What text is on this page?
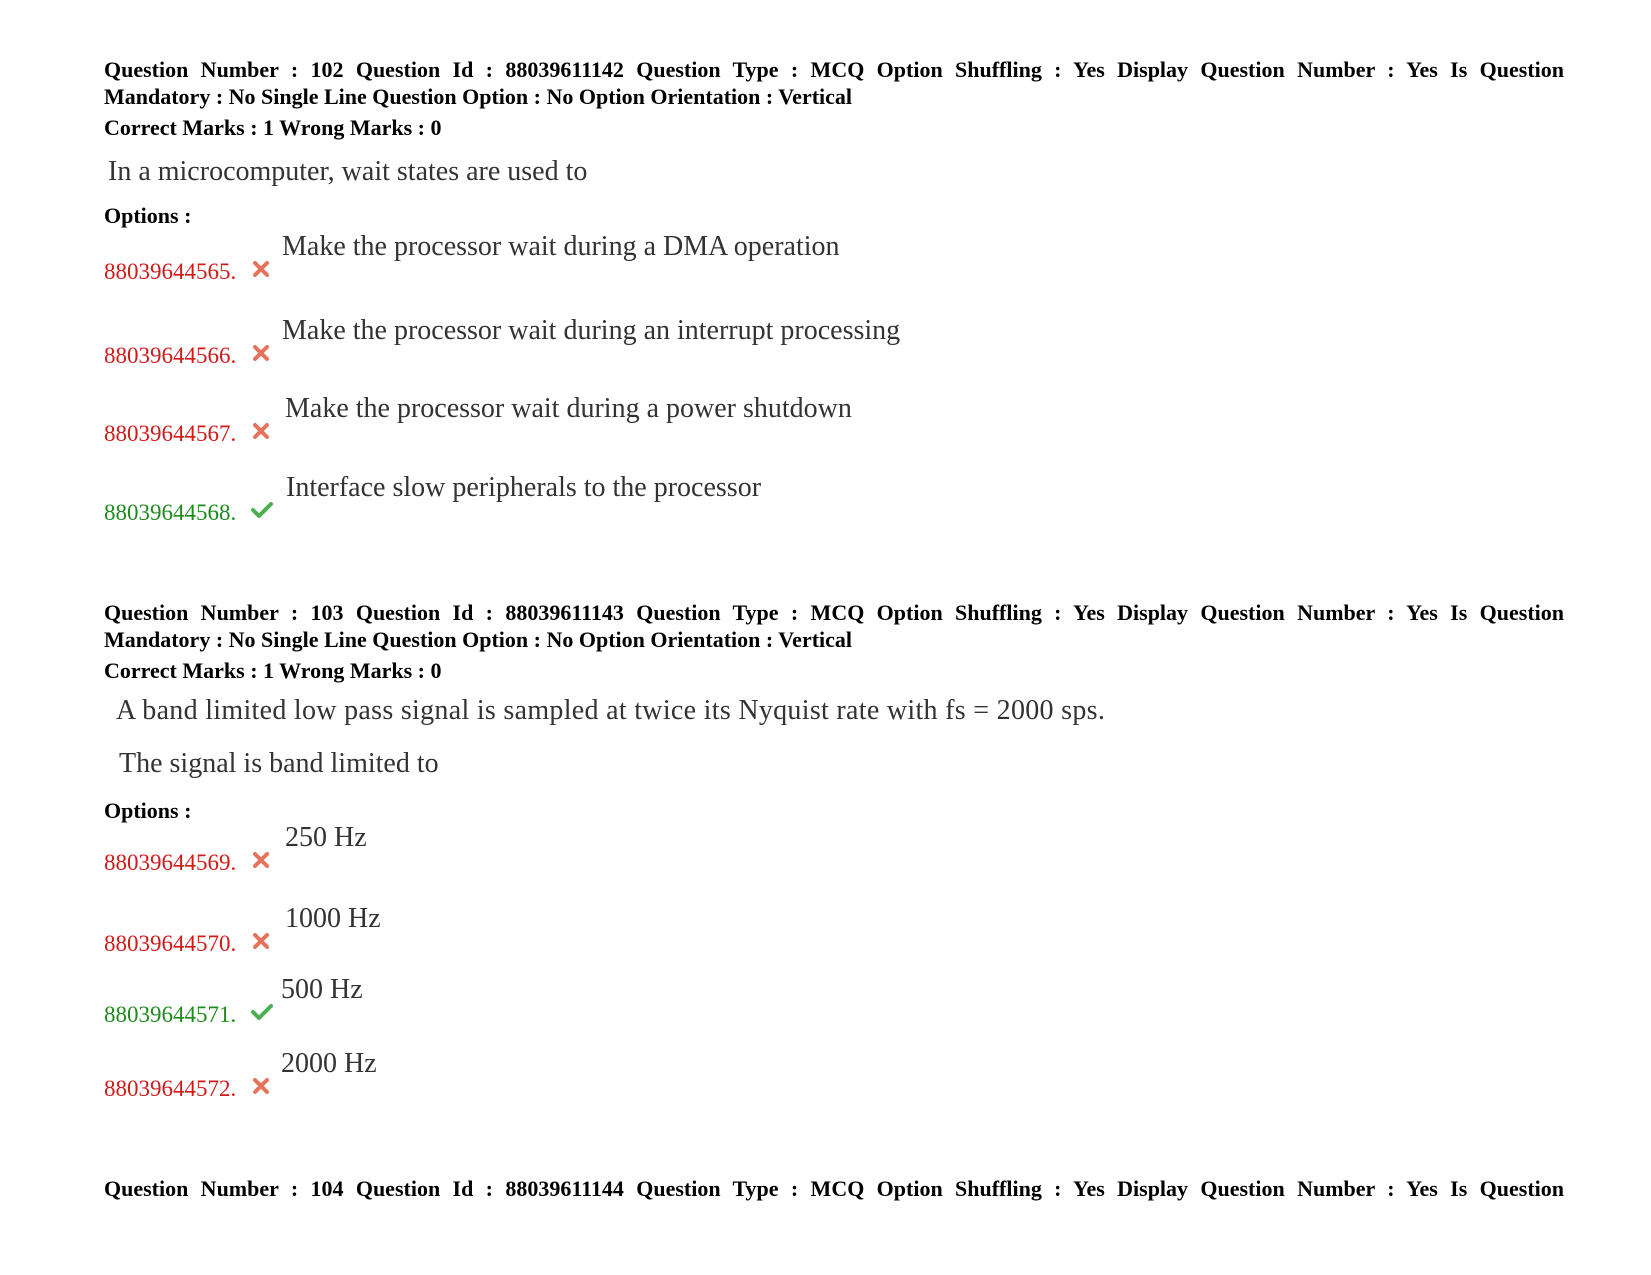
Question Number : 102 Question Id : 88039611142 Question Type : MCQ Option Shuffling : Yes Display Question Number : Yes Is Question
Mandatory : No Single Line Question Option : No Option Orientation : Vertical
Correct Marks : 1 Wrong Marks : 0
In a microcomputer, wait states are used to
Options :
88039644565.
Make the processor wait during a DMA operation
88039644566.
Make the processor wait during an interrupt processing
88039644567.
Make the processor wait during a power shutdown
88039644568.
Interface slow peripherals to the processor
Question Number : 103 Question Id : 88039611143 Question Type : MCQ Option Shuffling : Yes Display Question Number : Yes Is Question
Mandatory : No Single Line Question Option : No Option Orientation : Vertical
Correct Marks : 1 Wrong Marks : 0
A band limited low pass signal is sampled at twice its Nyquist rate with fs = 2000 sps.
The signal is band limited to
Options :
88039644569.
250 Hz
88039644570.
1000 Hz
88039644571.
500 Hz
88039644572.
2000 Hz
Question Number : 104 Question Id : 88039611144 Question Type : MCQ Option Shuffling : Yes Display Question Number : Yes Is Question
